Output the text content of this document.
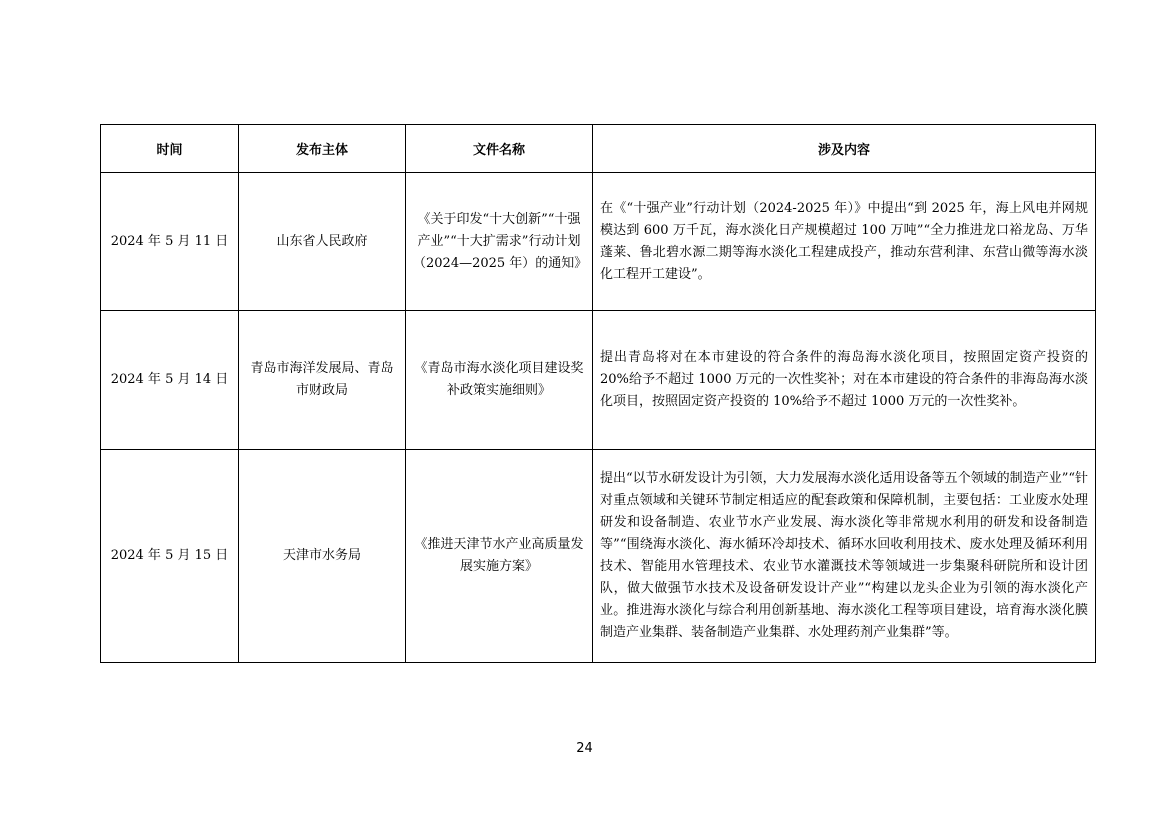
时间	发布主体	文件名称	涉及内容
2024 年 5 月 11 日	山东省人民政府	《关于印发“十大创新”“十强产业”“十大扩需求”行动计划（2024—2025 年）的通知》	在《“十强产业”行动计划（2024-2025 年）》中提出“到 2025 年，海上风电并网规模达到 600 万千瓦，海水淡化日产规模超过 100 万吨”“全力推进龙口裕龙岛、万华蓬莱、鲁北碧水源二期等海水淡化工程建成投产，推动东营利津、东营山微等海水淡化工程开工建设”。
2024 年 5 月 14 日	青岛市海洋发展局、青岛市财政局	《青岛市海水淡化项目建设奖补政策实施细则》	提出青岛将对在本市建设的符合条件的海岛海水淡化项目，按照固定资产投资的 20%给予不超过 1000 万元的一次性奖补；对在本市建设的符合条件的非海岛海水淡化项目，按照固定资产投资的 10%给予不超过 1000 万元的一次性奖补。
2024 年 5 月 15 日	天津市水务局	《推进天津节水产业高质量发展实施方案》	提出“以节水研发设计为引领，大力发展海水淡化适用设备等五个领域的制造产业”“针对重点领域和关键环节制定相适应的配套政策和保障机制，主要包括：工业废水处理研发和设备制造、农业节水产业发展、海水淡化等非常规水利用的研发和设备制造等”“围绕海水淡化、海水循环冷却技术、循环水回收利用技术、废水处理及循环利用技术、智能用水管理技术、农业节水灌溉技术等领域进一步集聚科研院所和设计团队，做大做强节水技术及设备研发设计产业”“构建以龙头企业为引领的海水淡化产业。推进海水淡化与综合利用创新基地、海水淡化工程等项目建设，培育海水淡化膜制造产业集群、装备制造产业集群、水处理药剂产业集群”等。
24
